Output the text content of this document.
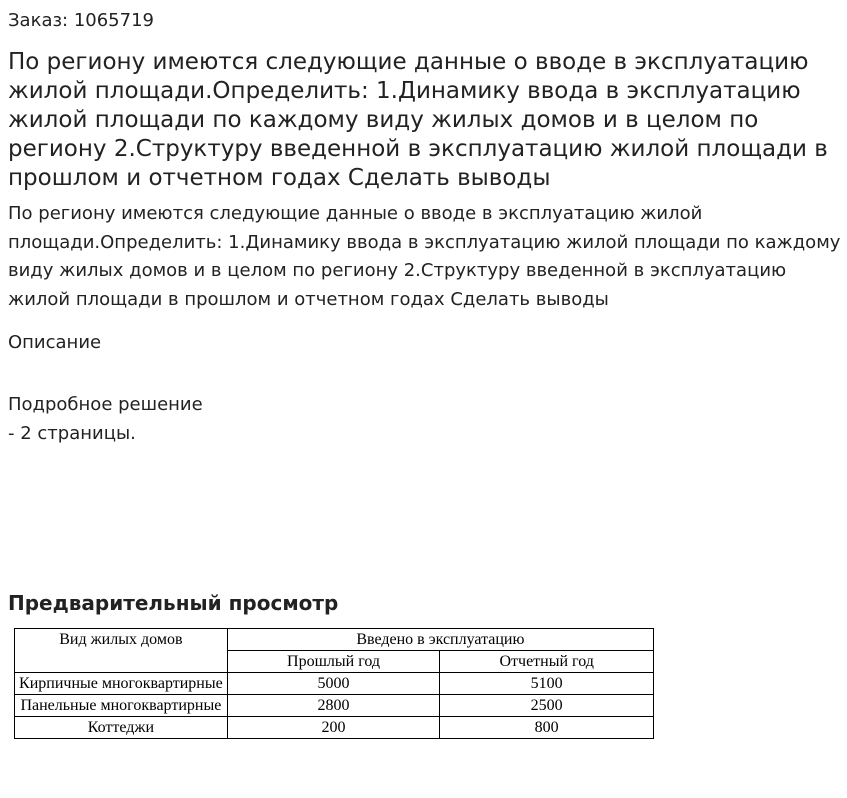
Заказ: 1065719
По региону имеются следующие данные о вводе в эксплуатацию жилой площади.Определить: 1.Динамику ввода в эксплуатацию жилой площади по каждому виду жилых домов и в целом по региону 2.Структуру введенной в эксплуатацию жилой площади в прошлом и отчетном годах Сделать выводы

По региону имеются следующие данные о вводе в эксплуатацию жилой площади.Определить: 1.Динамику ввода в эксплуатацию жилой площади по каждому виду жилых домов и в целом по региону 2.Структуру введенной в эксплуатацию жилой площади в прошлом и отчетном годах Сделать выводы

Описание
Подробное решение
- 2 страницы.
Предварительный просмотр
Вид жилых домов	Введено в эксплуатацию	
	Прошлый год	Отчетный год
Кирпичные многоквартирные	5000	5100
Панельные многоквартирные	2800	2500
Коттеджи	200	800
